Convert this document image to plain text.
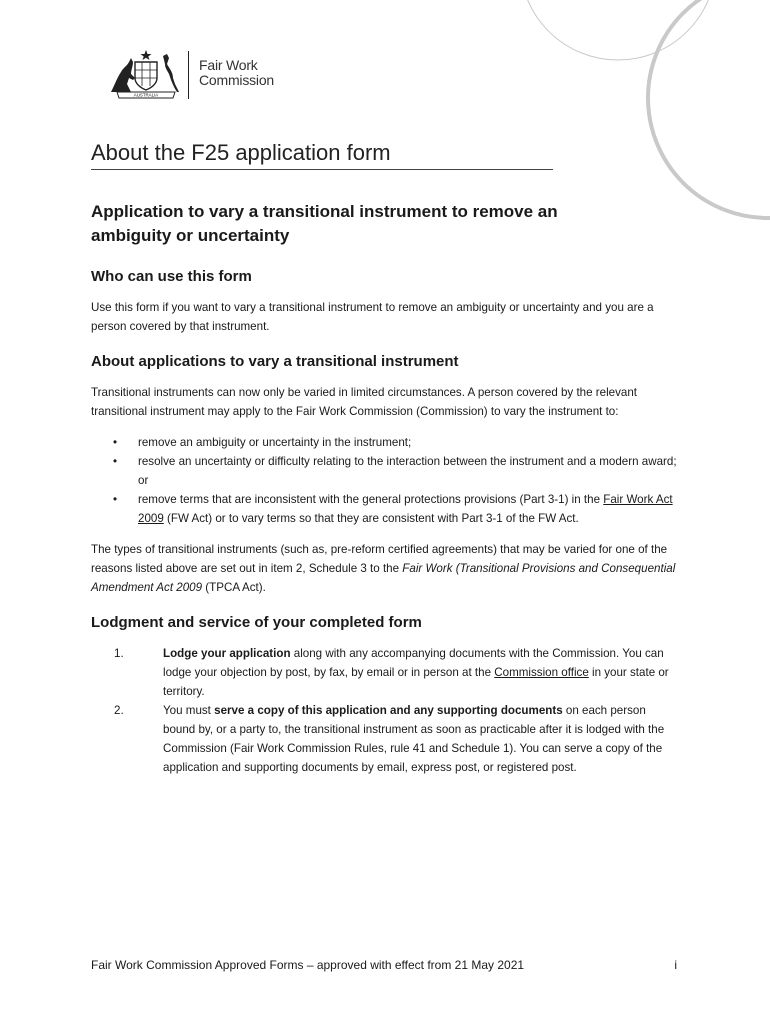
AUSTRALIA
Fair Work
Commission
About the F25 application form
Application to vary a transitional instrument to remove an ambiguity or uncertainty
Who can use this form

Use this form if you want to vary a transitional instrument to remove an ambiguity or uncertainty and you are a person covered by that instrument.

About applications to vary a transitional instrument

Transitional instruments can now only be varied in limited circumstances. A person covered by the relevant transitional instrument may apply to the Fair Work Commission (Commission) to vary the instrument to:

• remove an ambiguity or uncertainty in the instrument;
• resolve an uncertainty or difficulty relating to the interaction between the instrument and a modern award; or
• remove terms that are inconsistent with the general protections provisions (Part 3-1) in the Fair Work Act 2009 (FW Act) or to vary terms so that they are consistent with Part 3-1 of the FW Act.

The types of transitional instruments (such as, pre-reform certified agreements) that may be varied for one of the reasons listed above are set out in item 2, Schedule 3 to the Fair Work (Transitional Provisions and Consequential Amendment Act 2009 (TPCA Act).

Lodgment and service of your completed form
1.	Lodge your application along with any accompanying documents with the Commission. You can lodge your objection by post, by fax, by email or in person at the Commission office in your state or territory.
2.	You must serve a copy of this application and any supporting documents on each person bound by, or a party to, the transitional instrument as soon as practicable after it is lodged with the Commission (Fair Work Commission Rules, rule 41 and Schedule 1). You can serve a copy of the application and supporting documents by email, express post, or registered post.
Fair Work Commission Approved Forms – approved with effect from 21 May 2021	i
